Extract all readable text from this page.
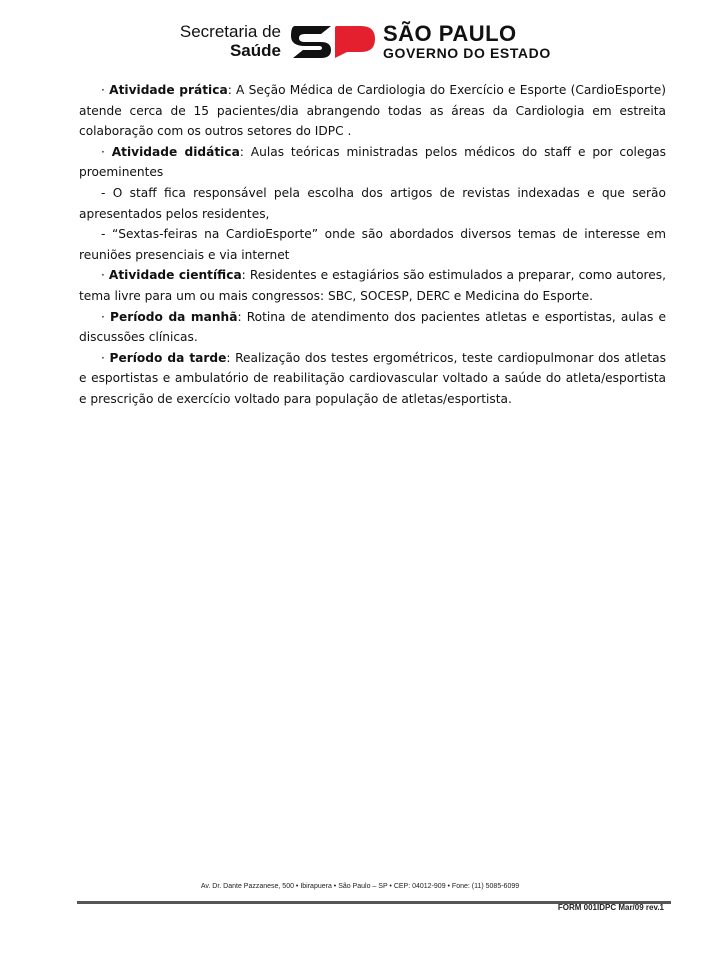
Secretaria de
Saúde
SÃO PAULO
GOVERNO DO ESTADO

· Atividade prática: A Seção Médica de Cardiologia do Exercício e Esporte (CardioEsporte) atende cerca de 15 pacientes/dia abrangendo todas as áreas da Cardiologia em estreita colaboração com os outros setores do IDPC .

· Atividade didática: Aulas teóricas ministradas pelos médicos do staff e por colegas proeminentes

- O staff fica responsável pela escolha dos artigos de revistas indexadas e que serão apresentados pelos residentes,

- “Sextas-feiras na CardioEsporte” onde são abordados diversos temas de interesse em reuniões presenciais e via internet

· Atividade científica: Residentes e estagiários são estimulados a preparar, como autores, tema livre para um ou mais congressos: SBC, SOCESP, DERC e Medicina do Esporte.

· Período da manhã: Rotina de atendimento dos pacientes atletas e esportistas, aulas e discussões clínicas.

· Período da tarde: Realização dos testes ergométricos, teste cardiopulmonar dos atletas e esportistas e ambulatório de reabilitação cardiovascular voltado a saúde do atleta/esportista e prescrição de exercício voltado para população de atletas/esportista.

Av. Dr. Dante Pazzanese, 500 • Ibirapuera • São Paulo – SP • CEP: 04012-909 • Fone: (11) 5085-6099
FORM 001IDPC Mar/09 rev.1
